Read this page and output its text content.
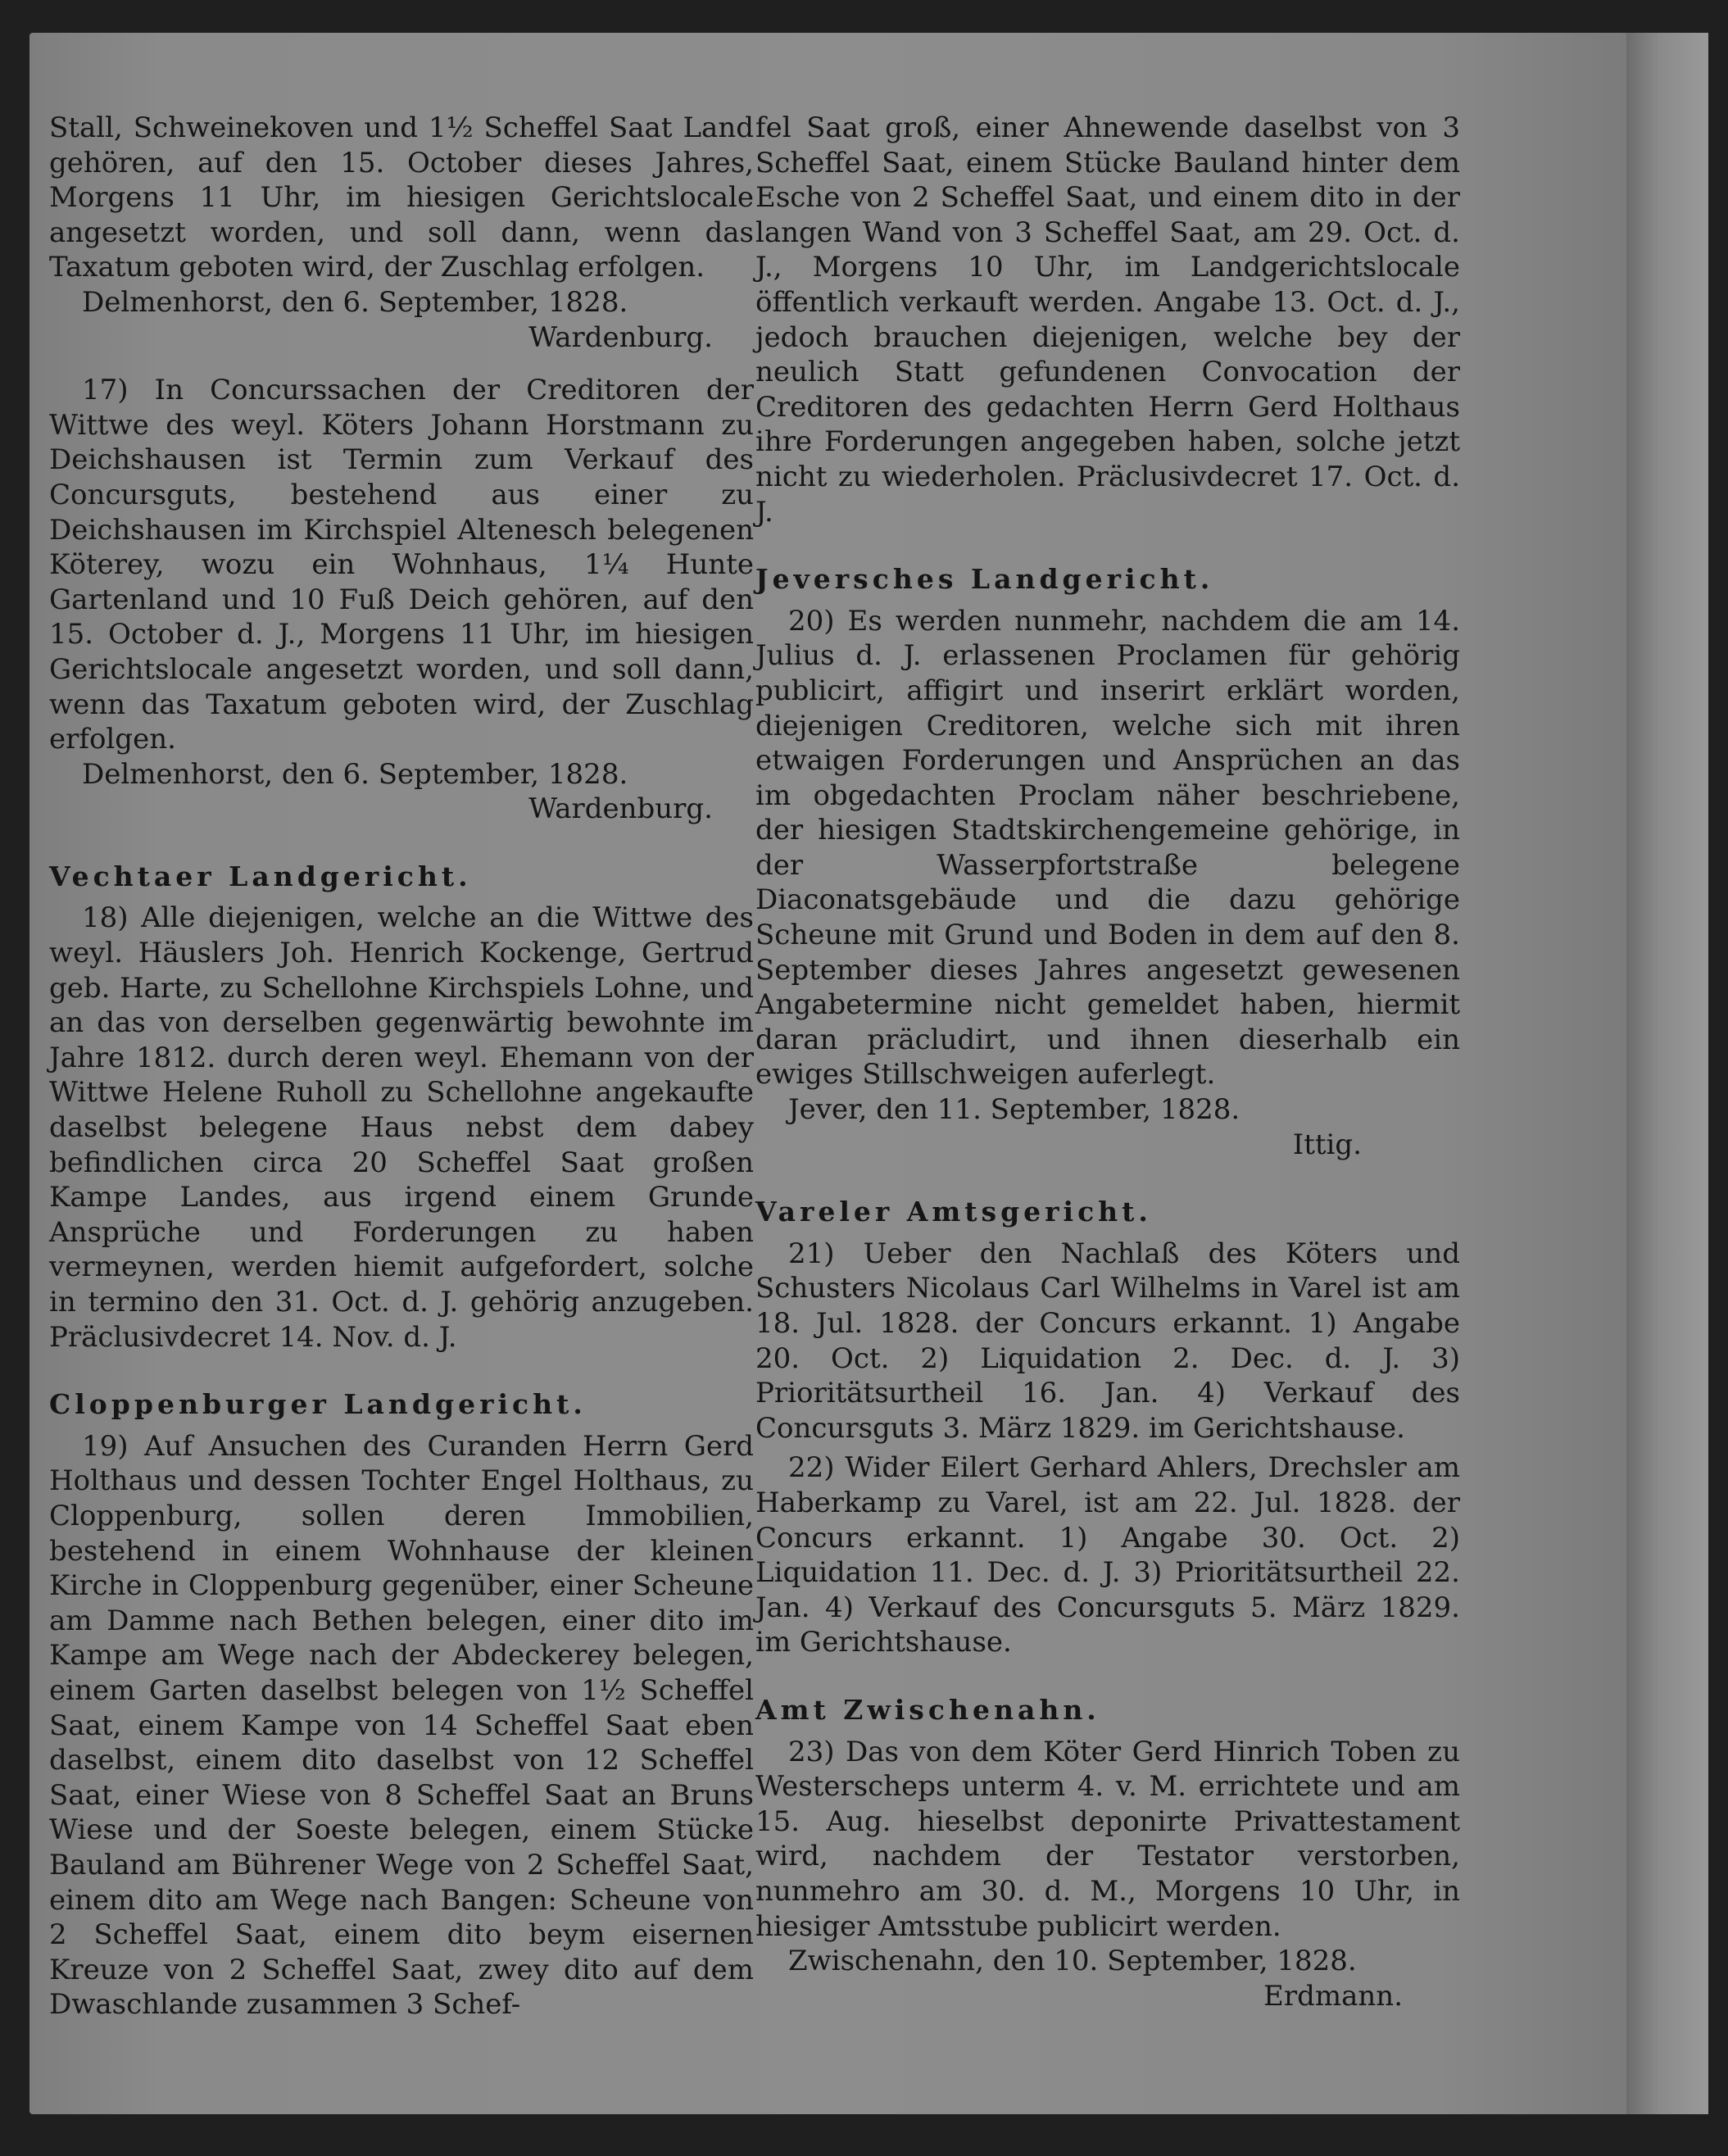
Stall, Schweinekoven und 1½ Scheffel Saat Land gehören, auf den 15. October dieses Jahres, Morgens 11 Uhr, im hiesigen Gerichtslocale angesetzt worden, und soll dann, wenn das Taxatum geboten wird, der Zuschlag erfolgen.

Delmenhorst, den 6. September, 1828.

Wardenburg.

17) In Concurssachen der Creditoren der Wittwe des weyl. Köters Johann Horstmann zu Deichshausen ist Termin zum Verkauf des Concursguts, bestehend aus einer zu Deichshausen im Kirchspiel Altenesch belegenen Köterey, wozu ein Wohnhaus, 1¼ Hunte Gartenland und 10 Fuß Deich gehören, auf den 15. October d. J., Morgens 11 Uhr, im hiesigen Gerichtslocale angesetzt worden, und soll dann, wenn das Taxatum geboten wird, der Zuschlag erfolgen.

Delmenhorst, den 6. September, 1828.

Wardenburg.

Vechtaer Landgericht.

18) Alle diejenigen, welche an die Wittwe des weyl. Häuslers Joh. Henrich Kockenge, Gertrud geb. Harte, zu Schellohne Kirchspiels Lohne, und an das von derselben gegenwärtig bewohnte im Jahre 1812. durch deren weyl. Ehemann von der Wittwe Helene Ruholl zu Schellohne angekaufte daselbst belegene Haus nebst dem dabey befindlichen circa 20 Scheffel Saat großen Kampe Landes, aus irgend einem Grunde Ansprüche und Forderungen zu haben vermeynen, werden hiemit aufgefordert, solche in termino den 31. Oct. d. J. gehörig anzugeben. Präclusivdecret 14. Nov. d. J.

Cloppenburger Landgericht.

19) Auf Ansuchen des Curanden Herrn Gerd Holthaus und dessen Tochter Engel Holthaus, zu Cloppenburg, sollen deren Immobilien, bestehend in einem Wohnhause der kleinen Kirche in Cloppenburg gegenüber, einer Scheune am Damme nach Bethen belegen, einer dito im Kampe am Wege nach der Abdeckerey belegen, einem Garten daselbst belegen von 1½ Scheffel Saat, einem Kampe von 14 Scheffel Saat eben daselbst, einem dito daselbst von 12 Scheffel Saat, einer Wiese von 8 Scheffel Saat an Bruns Wiese und der Soeste belegen, einem Stücke Bauland am Bührener Wege von 2 Scheffel Saat, einem dito am Wege nach Bangen: Scheune von 2 Scheffel Saat, einem dito beym eisernen Kreuze von 2 Scheffel Saat, zwey dito auf dem Dwaschlande zusammen 3 Schef-

fel Saat groß, einer Ahnewende daselbst von 3 Scheffel Saat, einem Stücke Bauland hinter dem Esche von 2 Scheffel Saat, und einem dito in der langen Wand von 3 Scheffel Saat, am 29. Oct. d. J., Morgens 10 Uhr, im Landgerichtslocale öffentlich verkauft werden. Angabe 13. Oct. d. J., jedoch brauchen diejenigen, welche bey der neulich Statt gefundenen Convocation der Creditoren des gedachten Herrn Gerd Holthaus ihre Forderungen angegeben haben, solche jetzt nicht zu wiederholen. Präclusivdecret 17. Oct. d. J.

Jeversches Landgericht.

20) Es werden nunmehr, nachdem die am 14. Julius d. J. erlassenen Proclamen für gehörig publicirt, affigirt und inserirt erklärt worden, diejenigen Creditoren, welche sich mit ihren etwaigen Forderungen und Ansprüchen an das im obgedachten Proclam näher beschriebene, der hiesigen Stadtskirchengemeine gehörige, in der Wasserpfortstraße belegene Diaconatsgebäude und die dazu gehörige Scheune mit Grund und Boden in dem auf den 8. September dieses Jahres angesetzt gewesenen Angabetermine nicht gemeldet haben, hiermit daran präcludirt, und ihnen dieserhalb ein ewiges Stillschweigen auferlegt.

Jever, den 11. September, 1828.

Ittig.

Vareler Amtsgericht.

21) Ueber den Nachlaß des Köters und Schusters Nicolaus Carl Wilhelms in Varel ist am 18. Jul. 1828. der Concurs erkannt. 1) Angabe 20. Oct. 2) Liquidation 2. Dec. d. J. 3) Prioritätsurtheil 16. Jan. 4) Verkauf des Concursguts 3. März 1829. im Gerichtshause.

22) Wider Eilert Gerhard Ahlers, Drechsler am Haberkamp zu Varel, ist am 22. Jul. 1828. der Concurs erkannt. 1) Angabe 30. Oct. 2) Liquidation 11. Dec. d. J. 3) Prioritätsurtheil 22. Jan. 4) Verkauf des Concursguts 5. März 1829. im Gerichtshause.

Amt Zwischenahn.

23) Das von dem Köter Gerd Hinrich Toben zu Westerscheps unterm 4. v. M. errichtete und am 15. Aug. hieselbst deponirte Privattestament wird, nachdem der Testator verstorben, nunmehro am 30. d. M., Morgens 10 Uhr, in hiesiger Amtsstube publicirt werden.

Zwischenahn, den 10. September, 1828.

Erdmann.
